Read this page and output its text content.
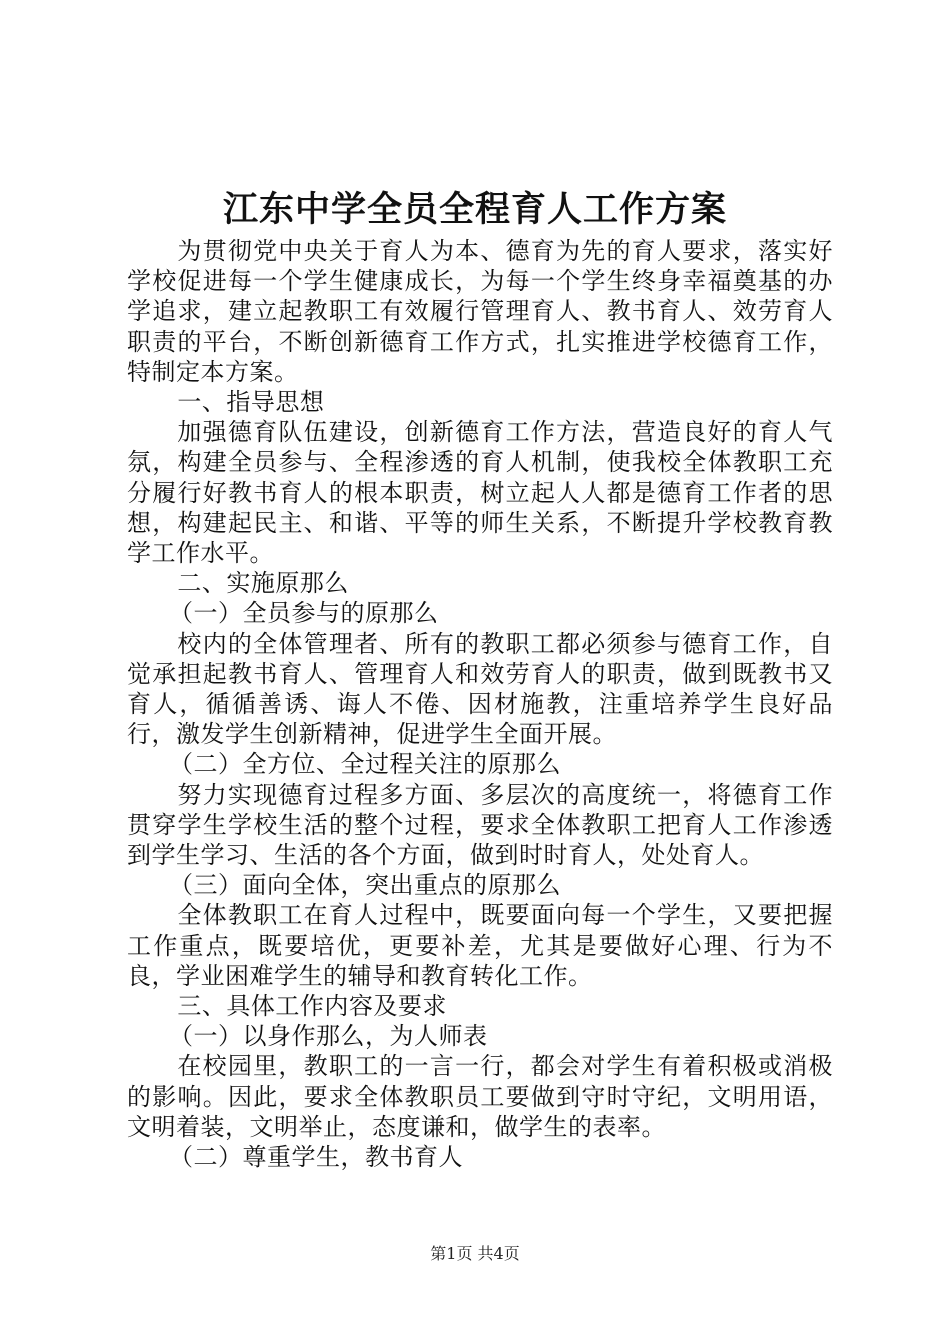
江东中学全员全程育人工作方案

为贯彻党中央关于育人为本、德育为先的育人要求，落实好学校促进每一个学生健康成长，为每一个学生终身幸福奠基的办学追求，建立起教职工有效履行管理育人、教书育人、效劳育人职责的平台，不断创新德育工作方式，扎实推进学校德育工作，特制定本方案。

一、指导思想

加强德育队伍建设，创新德育工作方法，营造良好的育人气氛，构建全员参与、全程渗透的育人机制，使我校全体教职工充分履行好教书育人的根本职责，树立起人人都是德育工作者的思想，构建起民主、和谐、平等的师生关系，不断提升学校教育教学工作水平。

二、实施原那么

（一）全员参与的原那么

校内的全体管理者、所有的教职工都必须参与德育工作，自觉承担起教书育人、管理育人和效劳育人的职责，做到既教书又育人，循循善诱、诲人不倦、因材施教，注重培养学生良好品行，激发学生创新精神，促进学生全面开展。

（二）全方位、全过程关注的原那么

努力实现德育过程多方面、多层次的高度统一，将德育工作贯穿学生学校生活的整个过程，要求全体教职工把育人工作渗透到学生学习、生活的各个方面，做到时时育人，处处育人。

（三）面向全体，突出重点的原那么

全体教职工在育人过程中，既要面向每一个学生，又要把握工作重点，既要培优，更要补差，尤其是要做好心理、行为不良，学业困难学生的辅导和教育转化工作。

三、具体工作内容及要求

（一）以身作那么，为人师表

在校园里，教职工的一言一行，都会对学生有着积极或消极的影响。因此，要求全体教职员工要做到守时守纪，文明用语，文明着装，文明举止，态度谦和，做学生的表率。

（二）尊重学生，教书育人

第1页 共4页
